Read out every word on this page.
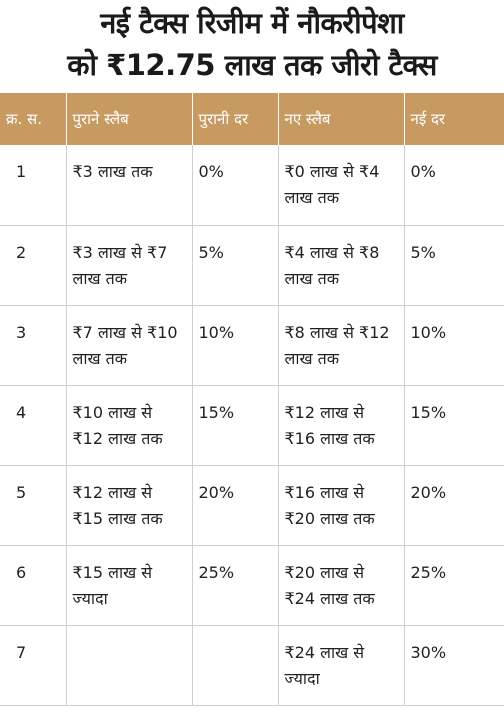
नई टैक्स रिजीम में नौकरीपेशा
को ₹12.75 लाख तक जीरो टैक्स
क्र. स.	पुराने स्लैब	पुरानी दर	नए स्लैब	नई दर
1	₹3 लाख तक	0%	₹0 लाख से ₹4 लाख तक	0%
2	₹3 लाख से ₹7 लाख तक	5%	₹4 लाख से ₹8 लाख तक	5%
3	₹7 लाख से ₹10 लाख तक	10%	₹8 लाख से ₹12 लाख तक	10%
4	₹10 लाख से ₹12 लाख तक	15%	₹12 लाख से ₹16 लाख तक	15%
5	₹12 लाख से ₹15 लाख तक	20%	₹16 लाख से ₹20 लाख तक	20%
6	₹15 लाख से ज्यादा	25%	₹20 लाख से ₹24 लाख तक	25%
7			₹24 लाख से ज्यादा	30%
